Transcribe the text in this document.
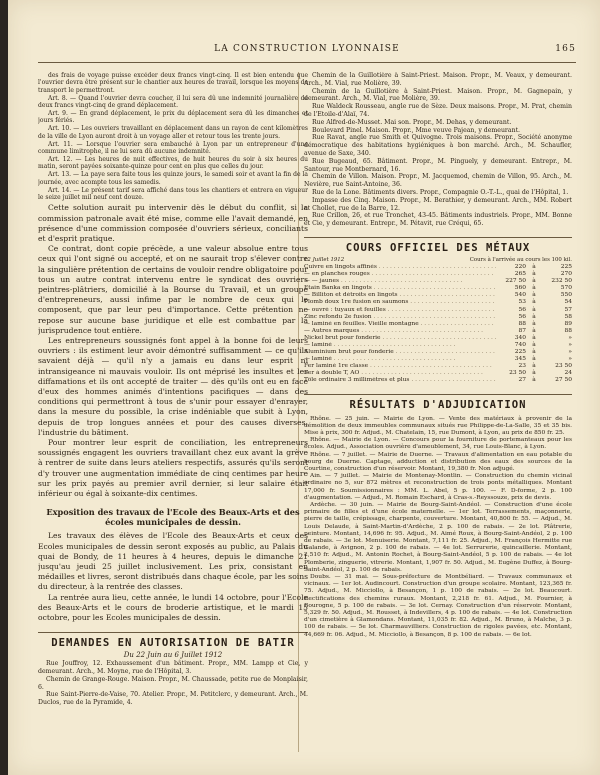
LA CONSTRUCTION LYONNAISE	165

des frais de voyage puisse excéder deux francs vingt-cinq. Il est bien entendu que l'ouvrier devra être présent sur le chantier aux heures de travail, lorsque les moyens de transport le permettront.

Art. 8. — Quand l'ouvrier devra coucher, il lui sera dû une indemnité journalière de deux francs vingt-cinq de grand déplacement.

Art. 9. — En grand déplacement, le prix du déplacement sera dû les dimanches et jours fériés.

Art. 10. — Les ouvriers travaillant en déplacement dans un rayon de cent kilomètres de la ville de Lyon auront droit à un voyage aller et retour tous les trente jours.

Art. 11. — Lorsque l'ouvrier sera embauché à Lyon par un entrepreneur d'une commune limitrophe, il ne lui sera dû aucune indemnité.

Art. 12. — Les heures de nuit effectives, de huit heures du soir à six heures du matin, seront payées soixante-quinze pour cent en plus que celles du jour.

Art. 13. — La paye sera faite tous les quinze jours, le samedi soir et avant la fin de la journée, avec acompte tous les samedis.

Art. 14. — Le présent tarif sera affiché dans tous les chantiers et entrera en vigueur le seize juillet mil neuf cent douze.

Cette solution aurait pu intervenir dès le début du conflit, si la commission patronale avait été mise, comme elle l'avait demandé, en présence d'une commission composée d'ouvriers sérieux, conciliants et d'esprit pratique.

Ce contrat, dont copie précède, a une valeur absolue entre tous ceux qui l'ont signé ou accepté, et on ne saurait trop s'élever contre la singulière prétention de certains de vouloir rendre obligatoire pour tous un autre contrat intervenu entre le syndicat des ouvriers peintres-plâtriers, domicilié à la Bourse du Travail, et un groupe d'entrepreneurs, aussi infime par le nombre de ceux qui le composent, que par leur peu d'importance. Cette prétention ne repose sur aucune base juridique et elle est combattue par la jurisprudence tout entière.

Les entrepreneurs soussignés font appel à la bonne foi de leurs ouvriers : ils estiment leur avoir démontré suffisamment — ce qu'ils savaient déjà — qu'il n'y a jamais eu dans leur esprit ni intransigeance ni mauvais vouloir. Ils ont méprisé les insultes et les diffamations et ils ont accepté de traiter — dès qu'ils ont eu en face d'eux des hommes animés d'intentions pacifiques — dans des conditions qui permettront à tous de s'unir pour essayer d'enrayer, dans la mesure du possible, la crise indéniable que subit à Lyon, depuis de trop longues années et pour des causes diverses, l'industrie du bâtiment.

Pour montrer leur esprit de conciliation, les entrepreneurs soussignés engagent les ouvriers travaillant chez eux avant la grève à rentrer de suite dans leurs ateliers respectifs, assurés qu'ils seront d'y trouver une augmentation immédiate de cinq centimes par heure sur les prix payés au premier avril dernier, si leur salaire était inférieur ou égal à soixante-dix centimes.

Exposition des travaux de l'Ecole des Beaux-Arts et des écoles municipales de dessin.

Les travaux des élèves de l'Ecole des Beaux-Arts et ceux des Ecoles municipales de dessin seront exposés au public, au Palais du quai de Bondy, de 11 heures à 4 heures, depuis le dimanche 21 jusqu'au jeudi 25 juillet inclusivement. Les prix, consistant en médailles et livres, seront distribués dans chaque école, par les soins du directeur, à la rentrée des classes.

La rentrée aura lieu, cette année, le lundi 14 octobre, pour l'Ecole des Beaux-Arts et le cours de broderie artistique, et le mardi 15 octobre, pour les Ecoles municipales de dessin.

DEMANDES EN AUTORISATION DE BATIR
Du 22 Juin au 6 Juillet 1912

Rue Jouffroy, 12. Exhaussement d'un bâtiment. Propr., MM. Lampp et Cie, y demeurant. Arch., M. Moyne, rue de l'Hôpital, 3.

Chemin de Grange-Rouge. Maison. Propr., M. Chaussade, petite rue de Monplaisir, 6.

Rue Saint-Pierre-de-Vaise, 70. Atelier. Propr., M. Petitclerc, y demeurant. Arch., M. Duclos, rue de la Pyramide, 4.

Chemin de la Guillotière à Saint-Priest. Maison. Propr., M. Veaux, y demeurant. Arch., M. Vial, rue Molière, 39.

Chemin de la Guillotière à Saint-Priest. Maison. Propr., M. Gagnepain, y demeurant. Arch., M. Vial, rue Molière, 39.

Rue Waldeck Rousseau, angle rue de Sèze. Deux maisons. Propr., M. Prat, chemin de l'Etoile-d'Alaï, 74.

Rue Alfred-de-Musset. Mai son. Propr., M. Dehas, y demeurant.

Boulevard Pinel. Maison. Propr., Mme veuve Pajean, y demeurant.

Rue Ravat, angle rue Smith et Quivogne. Trois maisons. Propr., Société anonyme démocratique des habitations hygiéniques à bon marché. Arch., M. Schaufler, avenue de Saxe, 340.

Rue Bugeaud, 65. Bâtiment. Propr., M. Pinguely, y demeurant. Entrepr., M. Santour, rue Montbernard, 16.

Chemin de Villon. Maison. Propr., M. Jacquemod, chemin de Villon, 95. Arch., M. Nevière, rue Saint-Antoine, 36.

Rue de la Lone. Bâtiments divers. Propr., Compagnie O.-T.-L., quai de l'Hôpital, 1.

Impasse des Cinq. Maison. Propr., M. Berathier, y demeurant. Arch., MM. Robert et Chollet, rue de la Barre, 12.

Rue Crillon, 26, et rue Tronchet, 43-45. Bâtiments industriels. Propr., MM. Bonne et Cie, y demeurant. Entrepr., M. Pétavit, rue Créqui, 65.

COURS OFFICIEL DES MÉTAUX
12 Juillet 1912	Cours à l'arrivée au cours les 100 kil.
Cuivre en lingots affinés . . .	220	à	225
— en planches rouges . . .	265	à	270
— — jaunes . . .	227 50	à	232 50
Etain Banka en lingots . . .	560	à	570
— Billiton et détroits en lingots . . .	540	à	550
Plomb doux 1re fusion en saumons . . .	53	à	54
— ouvré : tuyaux et feuilles . . .	56	à	57
Zinc refondu 2e fusion . . .	56	à	58
— laminé en feuilles. Vieille montagne . . .	88	à	89
— Autres marques . . .	87	à	88
Nickel brut pour fonderie . . .	340	à	»
— laminé . . .	740	à	»
Aluminium brut pour fonderie . . .	225	à	»
— laminé . . .	345	à	»
Fer laminé 1re classe . . .	23	à	23 50
Fer à double T, AO . . .	23 50	à	24
Tôle ordinaire 3 millimètres et plus . . .	27	à	27 50
RÉSULTATS D'ADJUDICATION

Rhône. — 25 juin. — Mairie de Lyon. — Vente des matériaux à provenir de la démolition de deux immeubles communaux situés rue Philippe-de-La-Salle, 35 et 35 bis. Mise à prix, 300 fr. Adjud., M. Chatelain, 15, rue Dumont, à Lyon, au prix de 850 fr. 25.

Rhône. — Mairie de Lyon. — Concours pour la fourniture de portemanteaux pour les écoles. Adjud., Association ouvrière d'ameublement, 34, rue Louis-Blanc, à Lyon.

Rhône. — 7 juillet. — Mairie de Duerne. — Travaux d'alimentation en eau potable du bourg de Duerne. Captage, adduction et distribution des eaux des sources de la Courtine, construction d'un réservoir. Montant, 19,380 fr. Non adjugé.

Ain. — 7 juillet. — Mairie de Montenay-Montlin. — Construction du chemin vicinal ordinaire no 5, sur 872 mètres et reconstruction de trois ponts métalliques. Montant 17,000 fr. Soumissionnaires : MM. L. Abel, 5 p. 100. — F. D-forme, 2 p. 100 d'augmentation. — Adjud., M. Romain Eschard, à Cras-s.-Reyssouze, prix de devis.

Ardèche. — 30 juin. — Mairie de Bourg-Saint-Andéol. — Construction d'une école primaire de filles et d'une école maternelle. — 1er lot. Terrassements, maçonnerie, pierre de taille, crépissage, charpente, couverture. Montant, 40,800 fr. 55. — Adjud., M. Louis Delaude, à Saint-Martin-d'Ardèche, 2 p. 100 de rabais. — 2e lot. Plâtrerie, peinture. Montant, 14,696 fr. 95. Adjud., M. Aimé Roux, à Bourg-Saint-Andéol, 2 p. 100 de rabais. — 3e lot. Menuiserie. Montant, 7,111 fr. 25. Adjud., M. François Hermitte rue Galande, à Avignon, 2 p. 100 de rabais. — 4e lot. Serrurerie, quincaillerie. Montant, 2,510 fr. Adjud., M. Antonin Rochet, à Bourg-Saint-Andéol, 5 p. 100 de rabais. — 4e lot Plomberie, zinguerie, vitrerie. Montant, 1,907 fr. 50. Adjud., M. Eugène Duffez, à Bourg-Saint-Andéol, 2 p. 100 de rabais.

Doubs. — 31 mai. — Sous-préfecture de Montbéliard. — Travaux communaux et vicinaux. — 1er lot. Audincourt. Construction d'un groupe scolaire. Montant, 123,365 fr. 75. Adjud., M. Micciollo, à Besançon, 1 p. 100 de rabais. — 2e lot. Beaucourt. Rectifications des chemins ruraux. Montant, 2,218 fr. 61. Adjud., M. Fournier, à Bourogne, 5 p. 100 de rabais. — 3e lot. Cernay. Construction d'un réservoir. Montant, 5,329 fr. 50. Adjud., M. Rousset, à Indevillers, 4 p. 100 de rabais. — 4e lot. Construction d'un cimetière à Glamondans. Montant, 11,035 fr. 82. Adjud., M. Bruno, à Malche, 3 p. 100 de rabais. — 5e lot. Charmauvilliers. Construction de rigoles pavées, etc. Montant, 44,669 fr. 06. Adjud., M. Micciollo, à Besançon, 8 p. 100 de rabais. — 6e lot.
